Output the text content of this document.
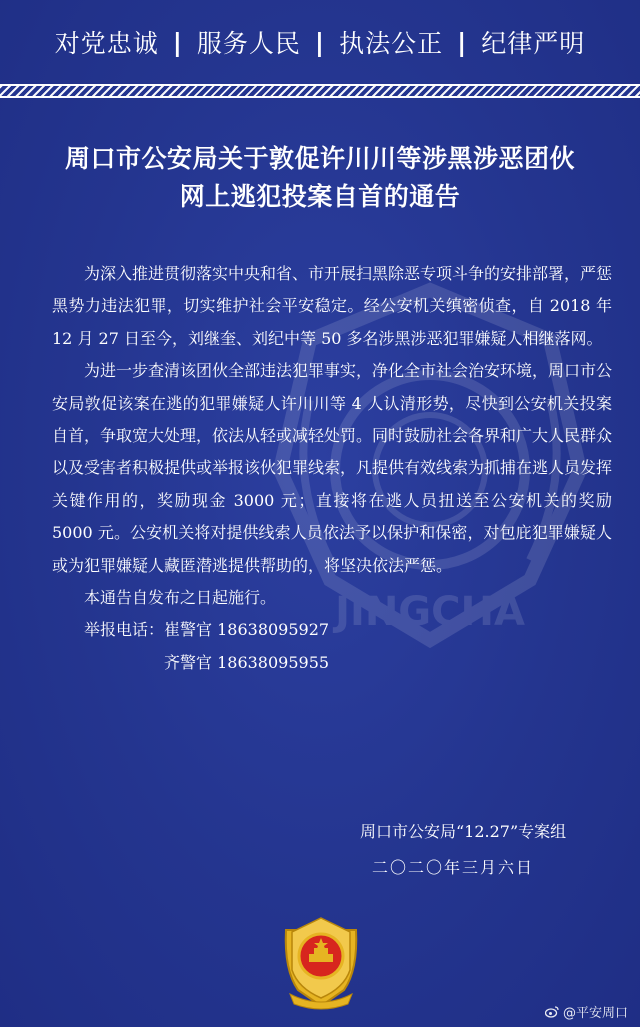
对党忠诚 | 服务人民 | 执法公正 | 纪律严明
JINGCHA
周口市公安局关于敦促许川川等涉黑涉恶团伙
网上逃犯投案自首的通告

为深入推进贯彻落实中央和省、市开展扫黑除恶专项斗争的安排部署，严惩黑势力违法犯罪，切实维护社会平安稳定。经公安机关缜密侦查，自 2018 年 12 月 27 日至今，刘继奎、刘纪中等 50 多名涉黑涉恶犯罪嫌疑人相继落网。

为进一步查清该团伙全部违法犯罪事实，净化全市社会治安环境，周口市公安局敦促该案在逃的犯罪嫌疑人许川川等 4 人认清形势，尽快到公安机关投案自首，争取宽大处理，依法从轻或减轻处罚。同时鼓励社会各界和广大人民群众以及受害者积极提供或举报该伙犯罪线索，凡提供有效线索为抓捕在逃人员发挥关键作用的，奖励现金 3000 元；直接将在逃人员扭送至公安机关的奖励 5000 元。公安机关将对提供线索人员依法予以保护和保密，对包庇犯罪嫌疑人或为犯罪嫌疑人藏匿潜逃提供帮助的，将坚决依法严惩。

本通告自发布之日起施行。
举报电话： 崔警官 18638095927
齐警官 18638095955
周口市公安局“12.27”专案组
二〇二〇年三月六日
@平安周口
